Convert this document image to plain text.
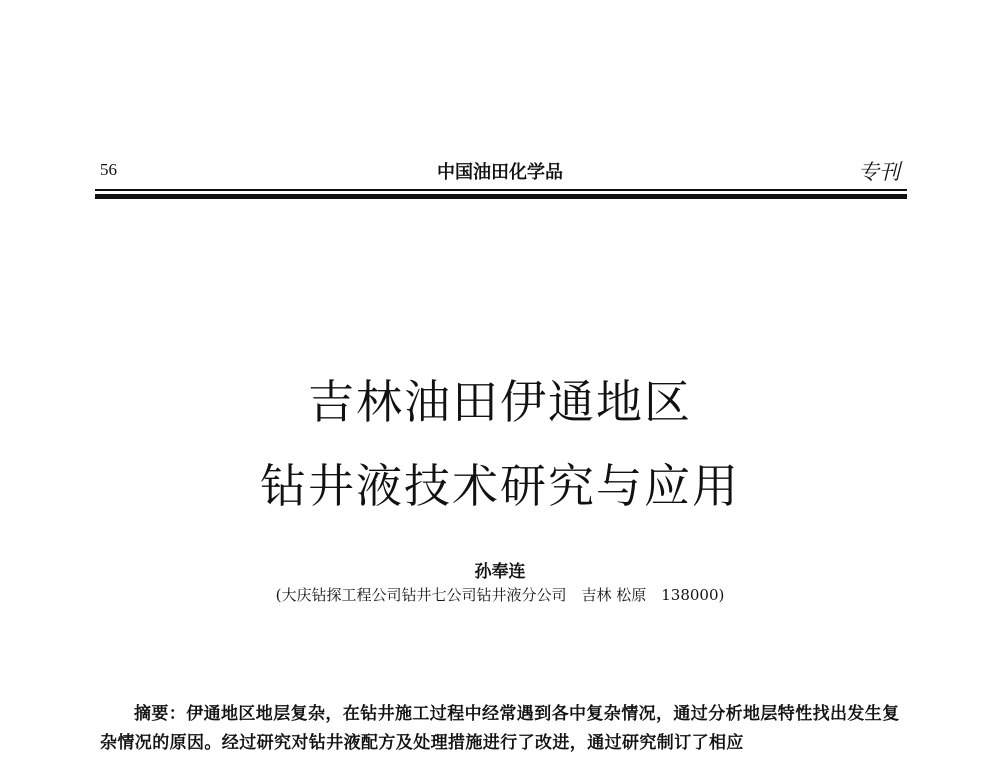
56	中国油田化学品	专刊
吉林油田伊通地区
钻井液技术研究与应用
孙奉连
(大庆钻探工程公司钻井七公司钻井液分公司　吉林 松原　138000)
摘要：伊通地区地层复杂，在钻井施工过程中经常遇到各中复杂情况，通过分析地层特性找出发生复杂情况的原因。经过研究对钻井液配方及处理措施进行了改进，通过研究制订了相应
